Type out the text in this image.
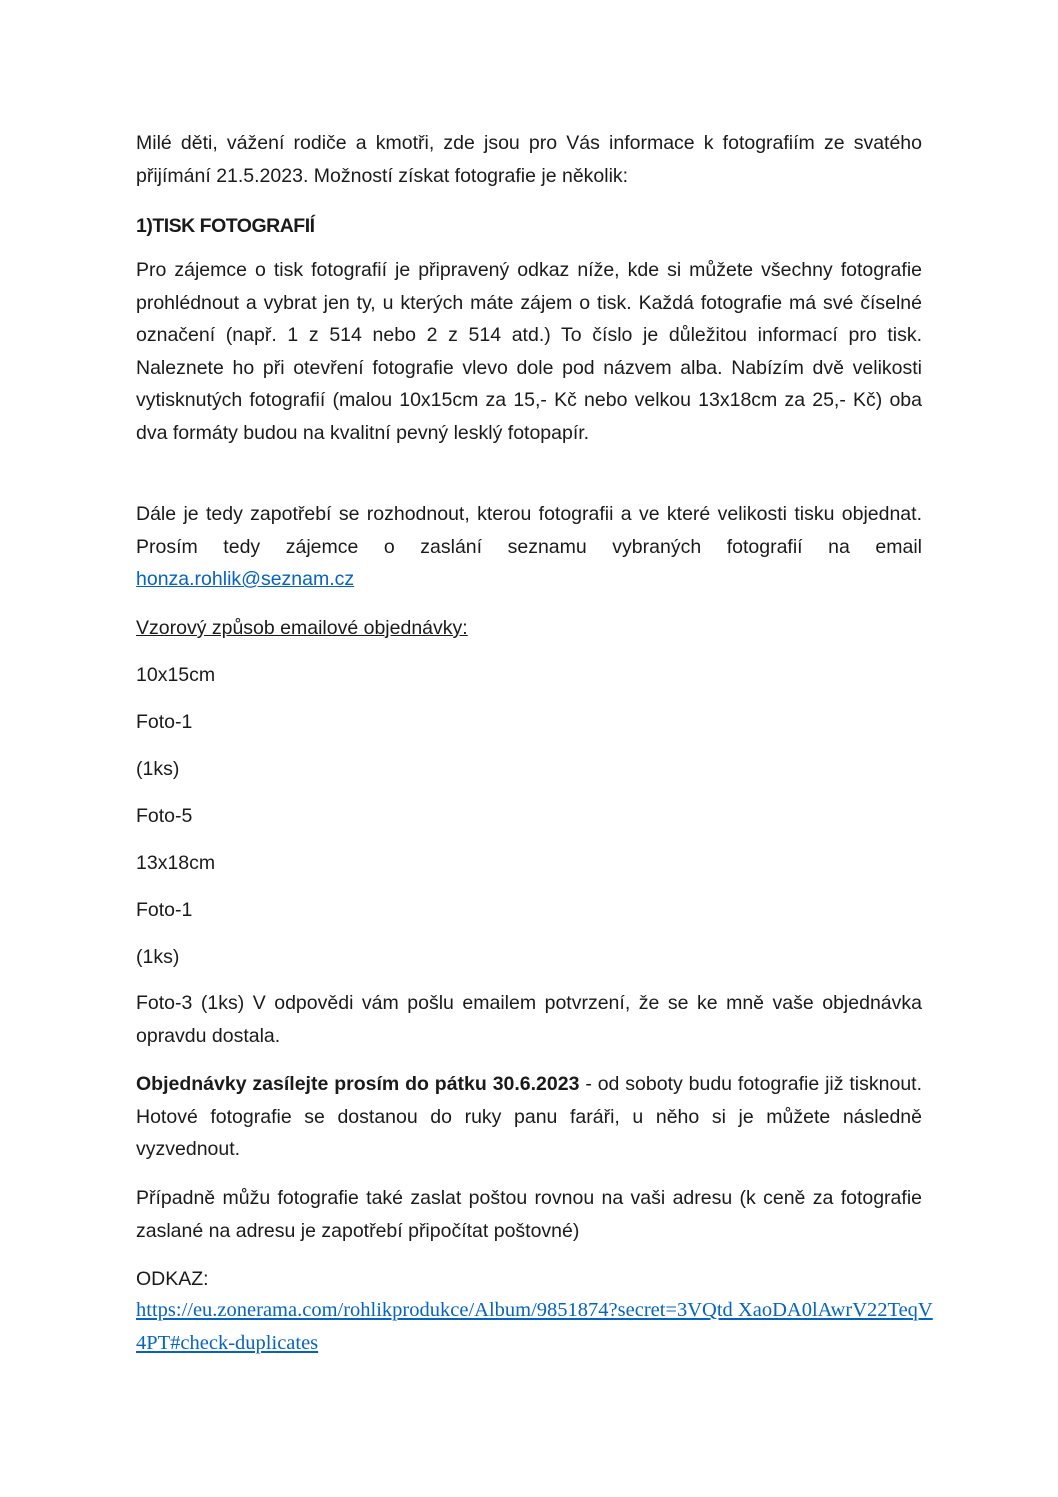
Milé děti, vážení rodiče a kmotři, zde jsou pro Vás informace k fotografiím ze svatého přijímání 21.5.2023. Možností získat fotografie je několik:

1)TISK FOTOGRAFIÍ

Pro zájemce o tisk fotografií je připravený odkaz níže, kde si můžete všechny fotografie prohlédnout a vybrat jen ty, u kterých máte zájem o tisk. Každá fotografie má své číselné označení (např. 1 z 514 nebo 2 z 514 atd.) To číslo je důležitou informací pro tisk. Naleznete ho při otevření fotografie vlevo dole pod názvem alba. Nabízím dvě velikosti vytisknutých fotografií (malou 10x15cm za 15,- Kč nebo velkou 13x18cm za 25,- Kč) oba dva formáty budou na kvalitní pevný lesklý fotopapír.

Dále je tedy zapotřebí se rozhodnout, kterou fotografii a ve které velikosti tisku objednat. Prosím tedy zájemce o zaslání seznamu vybraných fotografií na email honza.rohlik@seznam.cz

Vzorový způsob emailové objednávky:

10x15cm

Foto-1

(1ks)

Foto-5

13x18cm

Foto-1

(1ks)

Foto-3 (1ks) V odpovědi vám pošlu emailem potvrzení, že se ke mně vaše objednávka opravdu dostala.

Objednávky zasílejte prosím do pátku 30.6.2023 - od soboty budu fotografie již tisknout. Hotové fotografie se dostanou do ruky panu faráři, u něho si je můžete následně vyzvednout.

Případně můžu fotografie také zaslat poštou rovnou na vaši adresu (k ceně za fotografie zaslané na adresu je zapotřebí připočítat poštovné)

ODKAZ:

https://eu.zonerama.com/rohlikprodukce/Album/9851874?secret=3VQtd XaoDA0lAwrV22TeqV4PT#check-duplicates
